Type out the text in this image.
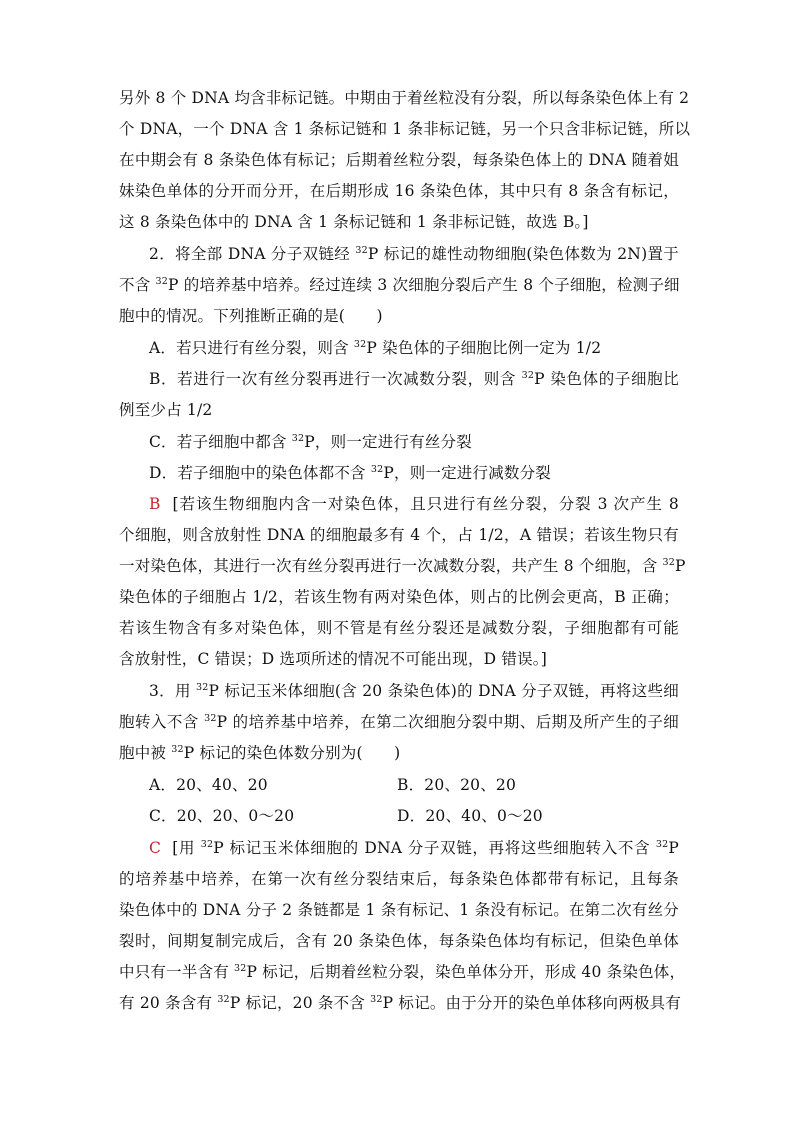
另外 8 个 DNA 均含非标记链。中期由于着丝粒没有分裂，所以每条染色体上有 2
个 DNA，一个 DNA 含 1 条标记链和 1 条非标记链，另一个只含非标记链，所以
在中期会有 8 条染色体有标记；后期着丝粒分裂，每条染色体上的 DNA 随着姐
妹染色单体的分开而分开，在后期形成 16 条染色体，其中只有 8 条含有标记，
这 8 条染色体中的 DNA 含 1 条标记链和 1 条非标记链，故选 B。]
2．将全部 DNA 分子双链经 $^{32}$P 标记的雄性动物细胞(染色体数为 2N)置于
不含 $^{32}$P 的培养基中培养。经过连续 3 次细胞分裂后产生 8 个子细胞，检测子细
胞中的情况。下列推断正确的是(　　)
A．若只进行有丝分裂，则含 $^{32}$P 染色体的子细胞比例一定为 1/2
B．若进行一次有丝分裂再进行一次减数分裂，则含 $^{32}$P 染色体的子细胞比
例至少占 1/2
C．若子细胞中都含 $^{32}$P，则一定进行有丝分裂
D．若子细胞中的染色体都不含 $^{32}$P，则一定进行减数分裂
B [若该生物细胞内含一对染色体，且只进行有丝分裂，分裂 3 次产生 8
个细胞，则含放射性 DNA 的细胞最多有 4 个，占 1/2，A 错误；若该生物只有
一对染色体，其进行一次有丝分裂再进行一次减数分裂，共产生 8 个细胞，含 $^{32}$P
染色体的子细胞占 1/2，若该生物有两对染色体，则占的比例会更高，B 正确；
若该生物含有多对染色体，则不管是有丝分裂还是减数分裂，子细胞都有可能
含放射性，C 错误；D 选项所述的情况不可能出现，D 错误。]
3．用 $^{32}$P 标记玉米体细胞(含 20 条染色体)的 DNA 分子双链，再将这些细
胞转入不含 $^{32}$P 的培养基中培养，在第二次细胞分裂中期、后期及所产生的子细
胞中被 $^{32}$P 标记的染色体数分别为(　　)
A．20、40、20	B．20、20、20
C．20、20、0～20	D．20、40、0～20
C [用 $^{32}$P 标记玉米体细胞的 DNA 分子双链，再将这些细胞转入不含 $^{32}$P
的培养基中培养，在第一次有丝分裂结束后，每条染色体都带有标记，且每条
染色体中的 DNA 分子 2 条链都是 1 条有标记、1 条没有标记。在第二次有丝分
裂时，间期复制完成后，含有 20 条染色体，每条染色体均有标记，但染色单体
中只有一半含有 $^{32}$P 标记，后期着丝粒分裂，染色单体分开，形成 40 条染色体，
有 20 条含有 $^{32}$P 标记，20 条不含 $^{32}$P 标记。由于分开的染色单体移向两极具有
